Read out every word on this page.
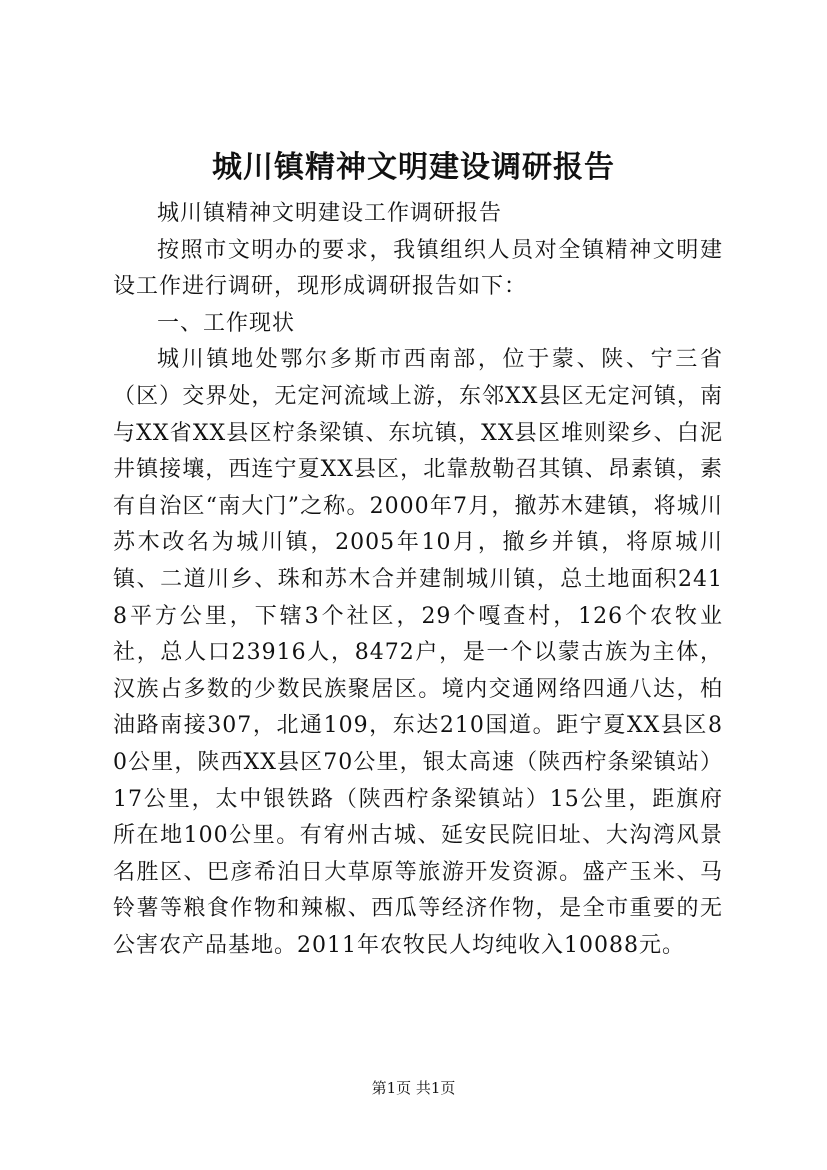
城川镇精神文明建设调研报告

城川镇精神文明建设工作调研报告

按照市文明办的要求，我镇组织人员对全镇精神文明建设工作进行调研，现形成调研报告如下：

一、工作现状

城川镇地处鄂尔多斯市西南部，位于蒙、陕、宁三省（区）交界处，无定河流域上游，东邻XX县区无定河镇，南与XX省XX县区柠条梁镇、东坑镇，XX县区堆则梁乡、白泥井镇接壤，西连宁夏XX县区，北靠敖勒召其镇、昂素镇，素有自治区“南大门”之称。2000年7月，撤苏木建镇，将城川苏木改名为城川镇，2005年10月，撤乡并镇，将原城川镇、二道川乡、珠和苏木合并建制城川镇，总土地面积2418平方公里，下辖3个社区，29个嘎查村，126个农牧业社，总人口23916人，8472户，是一个以蒙古族为主体，汉族占多数的少数民族聚居区。境内交通网络四通八达，柏油路南接307，北通109，东达210国道。距宁夏XX县区80公里，陕西XX县区70公里，银太高速（陕西柠条梁镇站）17公里，太中银铁路（陕西柠条梁镇站）15公里，距旗府所在地100公里。有宥州古城、延安民院旧址、大沟湾风景名胜区、巴彦希泊日大草原等旅游开发资源。盛产玉米、马铃薯等粮食作物和辣椒、西瓜等经济作物，是全市重要的无公害农产品基地。2011年农牧民人均纯收入10088元。

第1页 共1页
